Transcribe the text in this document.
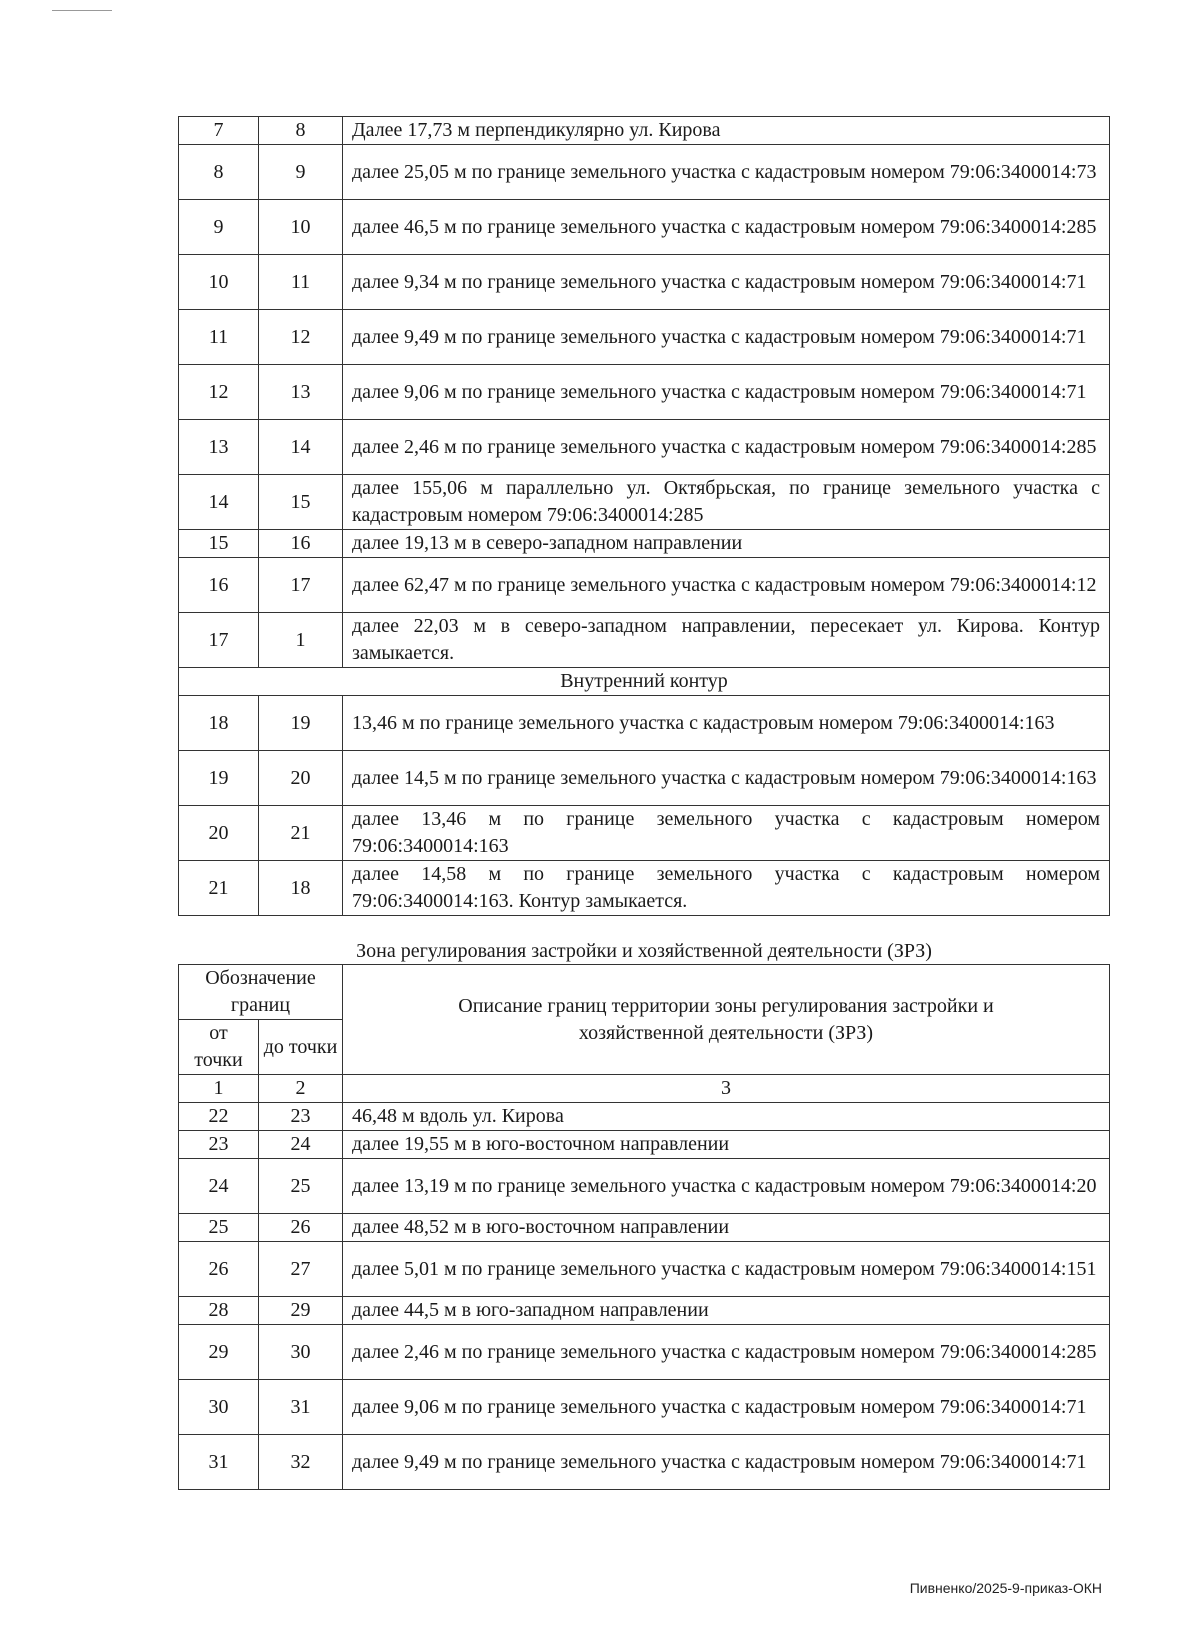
7	8	Далее 17,73 м перпендикулярно ул. Кирова
8	9	далее 25,05 м по границе земельного участка с кадастровым номером 79:06:3400014:73
9	10	далее 46,5 м по границе земельного участка с кадастровым номером 79:06:3400014:285
10	11	далее 9,34 м по границе земельного участка с кадастровым номером 79:06:3400014:71
11	12	далее 9,49 м по границе земельного участка с кадастровым номером 79:06:3400014:71
12	13	далее 9,06 м по границе земельного участка с кадастровым номером 79:06:3400014:71
13	14	далее 2,46 м по границе земельного участка с кадастровым номером 79:06:3400014:285
14	15	далее 155,06 м параллельно ул. Октябрьская, по границе земельного участка с кадастровым номером 79:06:3400014:285
15	16	далее 19,13 м в северо-западном направлении
16	17	далее 62,47 м по границе земельного участка с кадастровым номером 79:06:3400014:12
17	1	далее 22,03 м в северо-западном направлении, пересекает ул. Кирова. Контур замыкается.
Внутренний контур		
18	19	13,46 м по границе земельного участка с кадастровым номером 79:06:3400014:163
19	20	далее 14,5 м по границе земельного участка с кадастровым номером 79:06:3400014:163
20	21	далее 13,46 м по границе земельного участка с кадастровым номером 79:06:3400014:163
21	18	далее 14,58 м по границе земельного участка с кадастровым номером 79:06:3400014:163. Контур замыкается.
Зона регулирования застройки и хозяйственной деятельности (ЗРЗ)
Обозначение границ		Описание границ территории зоны регулирования застройки и хозяйственной деятельности (ЗРЗ)
от точки	до точки	
1	2	3
22	23	46,48 м вдоль ул. Кирова
23	24	далее 19,55 м в юго-восточном направлении
24	25	далее 13,19 м по границе земельного участка с кадастровым номером 79:06:3400014:20
25	26	далее 48,52 м в юго-восточном направлении
26	27	далее 5,01 м по границе земельного участка с кадастровым номером 79:06:3400014:151
28	29	далее 44,5 м в юго-западном направлении
29	30	далее 2,46 м по границе земельного участка с кадастровым номером 79:06:3400014:285
30	31	далее 9,06 м по границе земельного участка с кадастровым номером 79:06:3400014:71
31	32	далее 9,49 м по границе земельного участка с кадастровым номером 79:06:3400014:71
Пивненко/2025-9-приказ-ОКН
